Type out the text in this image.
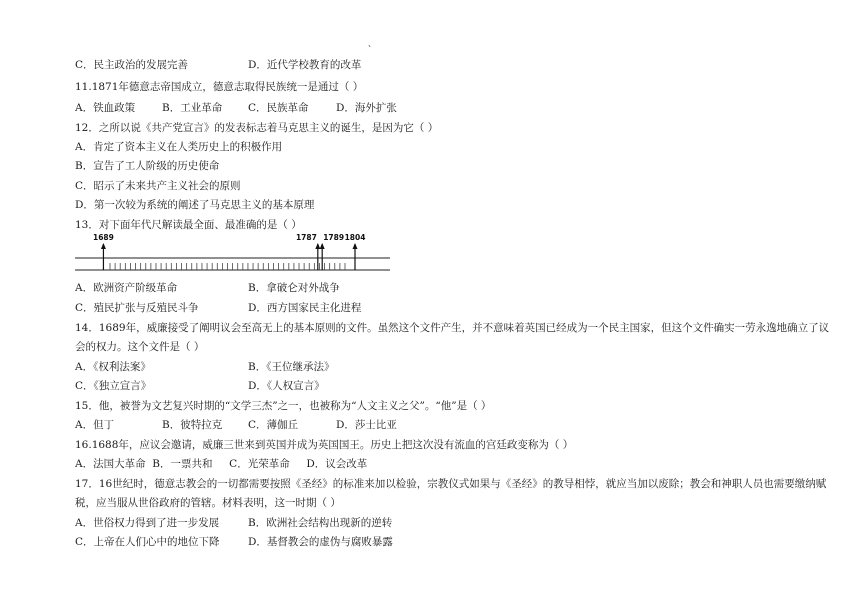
、
C．民主政治的发展完善	D．近代学校教育的改革
11.1871年德意志帝国成立，德意志取得民族统一是通过（ ）
A．铁血政策	B．工业革命 C．民族革命	D．海外扩张
12．之所以说《共产党宣言》的发表标志着马克思主义的诞生，是因为它（ ）
A．肯定了资本主义在人类历史上的积极作用
B．宣告了工人阶级的历史使命
C．昭示了未来共产主义社会的原则
D．第一次较为系统的阐述了马克思主义的基本原理
13．对下面年代尺解读最全面、最准确的是（ ）
1689	1787 1789 1804
A．欧洲资产阶级革命	B．拿破仑对外战争
C．殖民扩张与反殖民斗争	D．西方国家民主化进程
14．1689年，威廉接受了阐明议会至高无上的基本原则的文件。虽然这个文件产生，并不意味着英国已经成为一个民主国家，但这个文件确实一劳永逸地确立了议
会的权力。这个文件是（ ）
A．《权利法案》	B．《王位继承法》
C．《独立宣言》	D．《人权宣言》
15．他，被誉为文艺复兴时期的“文学三杰”之一，也被称为“人文主义之父”。“他”是（ ）
A．但丁	B．彼特拉克 C．薄伽丘	D．莎士比亚
16.1688年，应议会邀请，威廉三世来到英国并成为英国国王。历史上把这次没有流血的宫廷政变称为（ ）
A．法国大革命  B．一票共和     C．光荣革命     D．议会改革
17．16世纪时，德意志教会的一切都需要按照《圣经》的标准来加以检验，宗教仪式如果与《圣经》的教导相悖，就应当加以废除；教会和神职人员也需要缴纳赋
税，应当服从世俗政府的管辖。材料表明，这一时期（ ）
A．世俗权力得到了进一步发展	B．欧洲社会结构出现新的逆转
C．上帝在人们心中的地位下降	D．基督教会的虚伪与腐败暴露
